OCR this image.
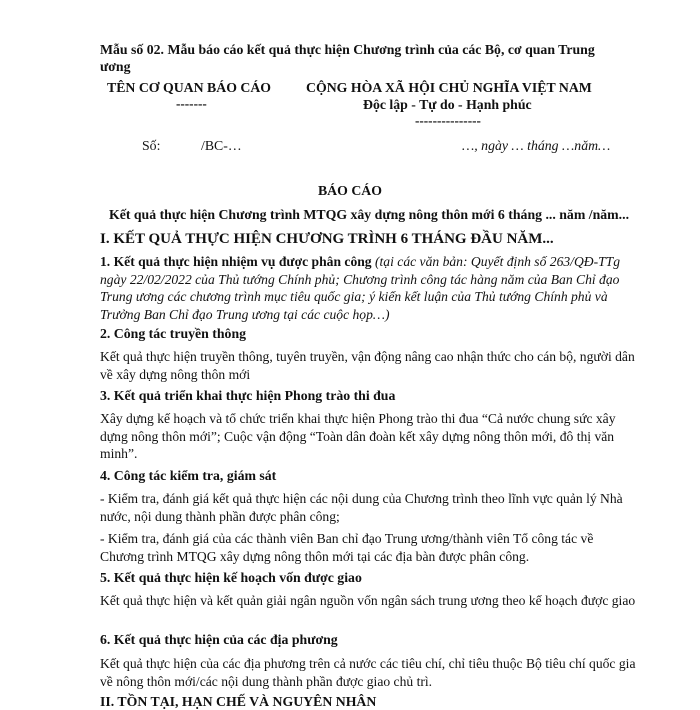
Mẫu số 02. Mẫu báo cáo kết quả thực hiện Chương trình của các Bộ, cơ quan Trung
ương
TÊN CƠ QUAN BÁO CÁO
-------
CỘNG HÒA XÃ HỘI CHỦ NGHĨA VIỆT NAM
Độc lập - Tự do - Hạnh phúc
---------------
Số:	/BC-…	…, ngày … tháng …năm…
BÁO CÁO
Kết quả thực hiện Chương trình MTQG xây dựng nông thôn mới 6 tháng ... năm /năm...
I. KẾT QUẢ THỰC HIỆN CHƯƠNG TRÌNH 6 THÁNG ĐẦU NĂM...
1. Kết quả thực hiện nhiệm vụ được phân công (tại các văn bản: Quyết định số 263/QĐ-TTg ngày 22/02/2022 của Thủ tướng Chính phủ; Chương trình công tác hàng năm của Ban Chỉ đạo Trung ương các chương trình mục tiêu quốc gia; ý kiến kết luận của Thủ tướng Chính phủ và Trưởng Ban Chỉ đạo Trung ương tại các cuộc họp…)
2. Công tác truyền thông
Kết quả thực hiện truyền thông, tuyên truyền, vận động nâng cao nhận thức cho cán bộ, người dân về xây dựng nông thôn mới
3. Kết quả triển khai thực hiện Phong trào thi đua
Xây dựng kế hoạch và tổ chức triển khai thực hiện Phong trào thi đua “Cả nước chung sức xây dựng nông thôn mới”; Cuộc vận động “Toàn dân đoàn kết xây dựng nông thôn mới, đô thị văn minh”.
4. Công tác kiểm tra, giám sát
- Kiểm tra, đánh giá kết quả thực hiện các nội dung của Chương trình theo lĩnh vực quản lý Nhà nước, nội dung thành phần được phân công;
- Kiểm tra, đánh giá của các thành viên Ban chỉ đạo Trung ương/thành viên Tổ công tác về Chương trình MTQG xây dựng nông thôn mới tại các địa bàn được phân công.
5. Kết quả thực hiện kế hoạch vốn được giao
Kết quả thực hiện và kết quản giải ngân nguồn vốn ngân sách trung ương theo kế hoạch được giao
6. Kết quả thực hiện của các địa phương
Kết quả thực hiện của các địa phương trên cả nước các tiêu chí, chỉ tiêu thuộc Bộ tiêu chí quốc gia về nông thôn mới/các nội dung thành phần được giao chủ trì.
II. TỒN TẠI, HẠN CHẾ VÀ NGUYÊN NHÂN
